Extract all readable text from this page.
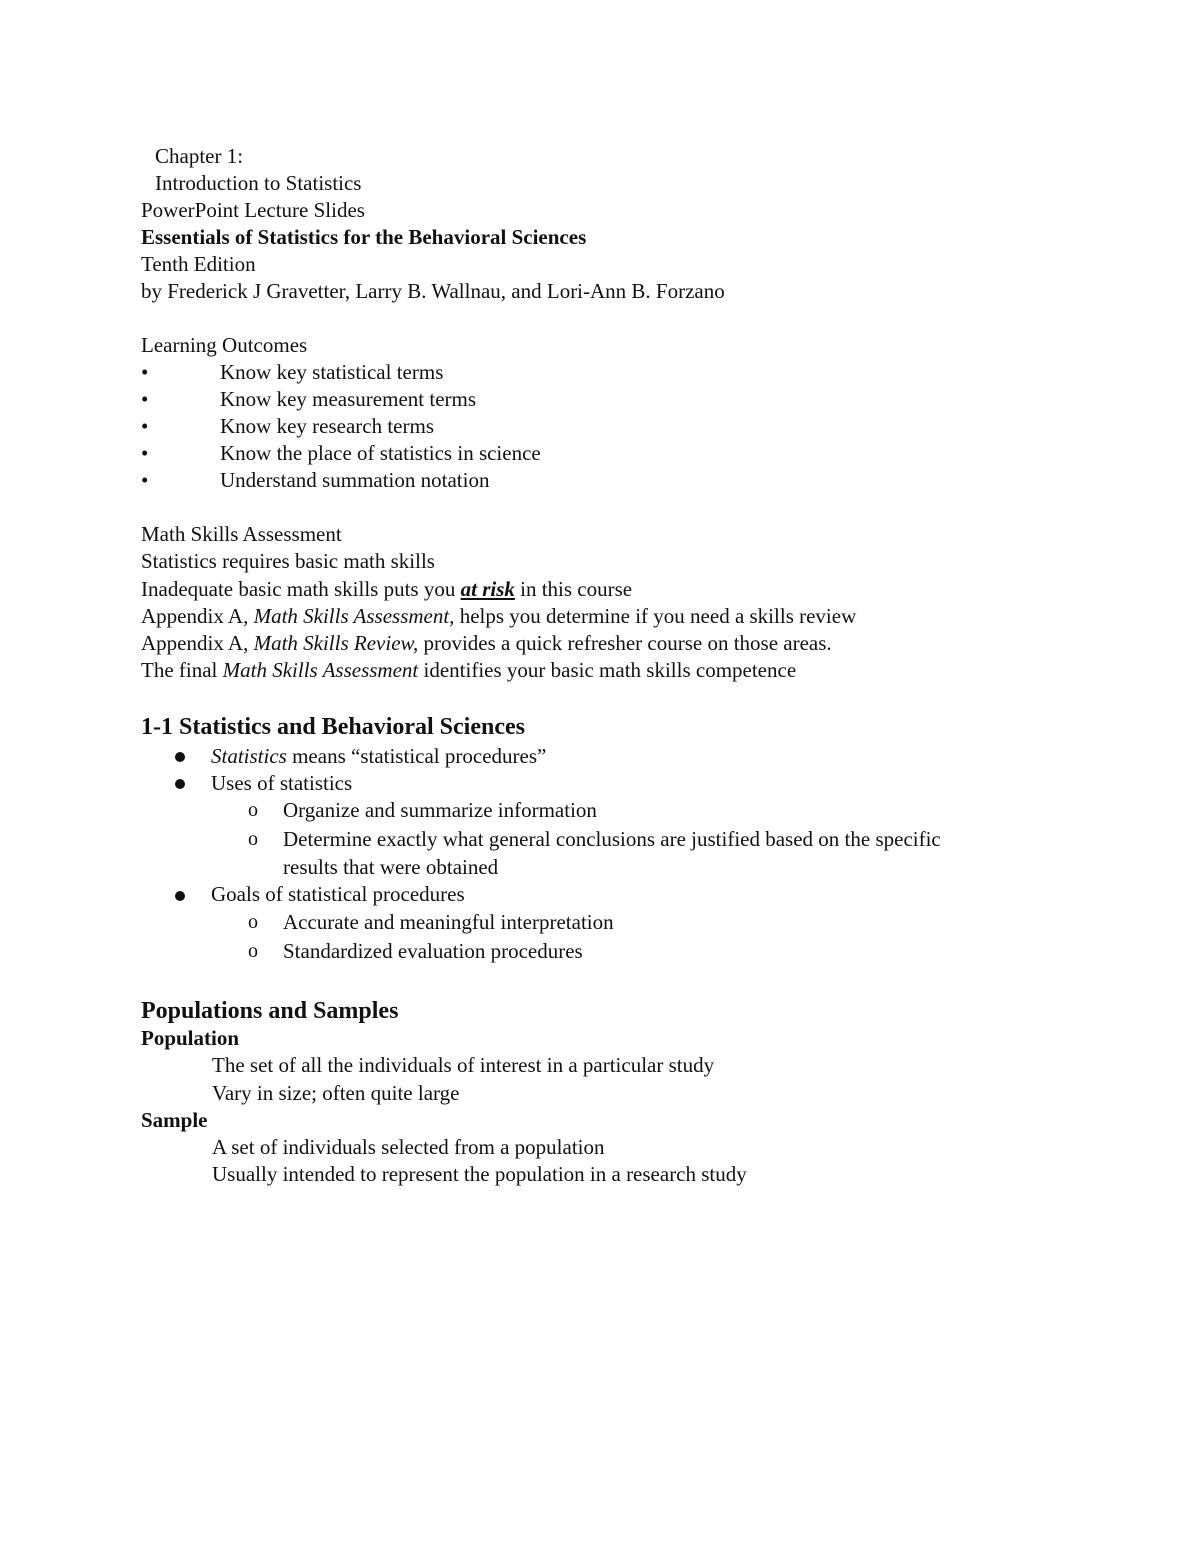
Chapter 1:
Introduction to Statistics
PowerPoint Lecture Slides
Essentials of Statistics for the Behavioral Sciences
Tenth Edition
by Frederick J Gravetter, Larry B. Wallnau, and Lori-Ann B. Forzano
Learning Outcomes
•	Know key statistical terms
•	Know key measurement terms
•	Know key research terms
•	Know the place of statistics in science
•	Understand summation notation
Math Skills Assessment
Statistics requires basic math skills
Inadequate basic math skills puts you at risk in this course
Appendix A, Math Skills Assessment, helps you determine if you need a skills review
Appendix A, Math Skills Review, provides a quick refresher course on those areas.
The final Math Skills Assessment identifies your basic math skills competence
1-1 Statistics and Behavioral Sciences
Statistics means “statistical procedures”
Uses of statistics
o Organize and summarize information
o Determine exactly what general conclusions are justified based on the specific
results that were obtained
Goals of statistical procedures
o Accurate and meaningful interpretation
o Standardized evaluation procedures
Populations and Samples
Population
The set of all the individuals of interest in a particular study
Vary in size; often quite large
Sample
A set of individuals selected from a population
Usually intended to represent the population in a research study
